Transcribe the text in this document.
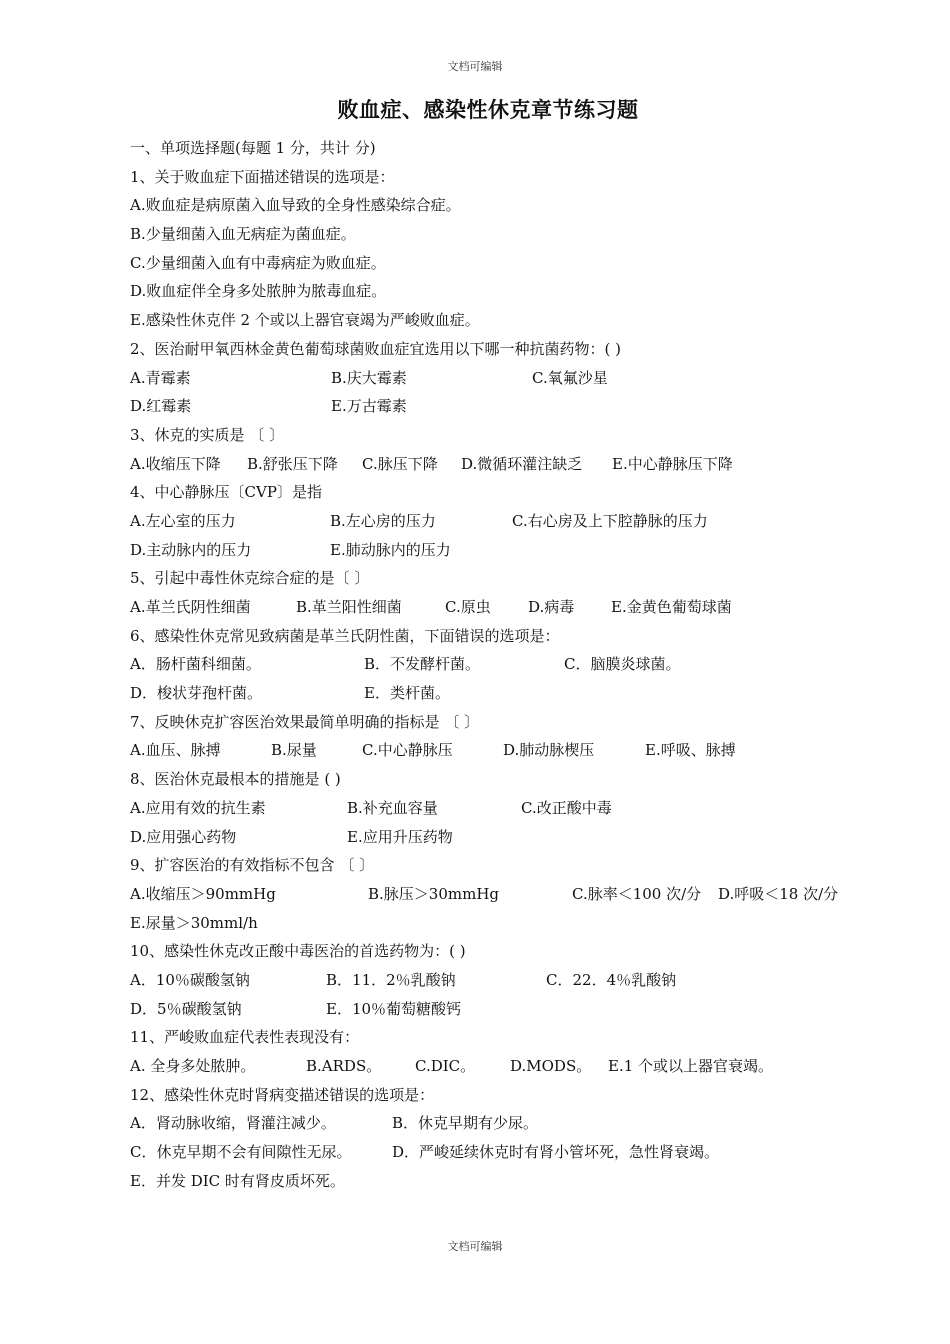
文档可编辑
败血症、感染性休克章节练习题
一、单项选择题(每题 1 分，共计 分)
1、关于败血症下面描述错误的选项是：
A.败血症是病原菌入血导致的全身性感染综合症。
B.少量细菌入血无病症为菌血症。
C.少量细菌入血有中毒病症为败血症。
D.败血症伴全身多处脓肿为脓毒血症。
E.感染性休克伴 2 个或以上器官衰竭为严峻败血症。
2、医治耐甲氧西林金黄色葡萄球菌败血症宜选用以下哪一种抗菌药物：( )
A.青霉素	B.庆大霉素	C.氧氟沙星
D.红霉素	E.万古霉素
3、休克的实质是 〔 〕
A.收缩压下降 B.舒张压下降 C.脉压下降 D.微循环灌注缺乏 E.中心静脉压下降
4、中心静脉压〔CVP〕是指
A.左心室的压力	B.左心房的压力	C.右心房及上下腔静脉的压力
D.主动脉内的压力	E.肺动脉内的压力
5、引起中毒性休克综合症的是〔 〕
A.革兰氏阴性细菌	B.革兰阳性细菌	C.原虫 D.病毒 E.金黄色葡萄球菌
6、感染性休克常见致病菌是革兰氏阴性菌，下面错误的选项是：
A．肠杆菌科细菌。	B．不发酵杆菌。	C．脑膜炎球菌。
D．梭状芽孢杆菌。	E．类杆菌。
7、反映休克扩容医治效果最简单明确的指标是 〔 〕
A.血压、脉搏	B.尿量	C.中心静脉压	D.肺动脉楔压	E.呼吸、脉搏
8、医治休克最根本的措施是 ( )
A.应用有效的抗生素	B.补充血容量	C.改正酸中毒
D.应用强心药物	E.应用升压药物
9、扩容医治的有效指标不包含 〔 〕
A.收缩压＞90mmHg	B.脉压＞30mmHg	C.脉率＜100 次/分 D.呼吸＜18 次/分
E.尿量＞30mml/h
10、感染性休克改正酸中毒医治的首选药物为：( )
A．10％碳酸氢钠	B．11．2％乳酸钠	C．22．4％乳酸钠
D．5％碳酸氢钠	E．10％葡萄糖酸钙
11、严峻败血症代表性表现没有：
A. 全身多处脓肿。	B.ARDS。 C.DIC。 D.MODS。 E.1 个或以上器官衰竭。
12、感染性休克时肾病变描述错误的选项是：
A．肾动脉收缩，肾灌注减少。	B．休克早期有少尿。
C．休克早期不会有间隙性无尿。	D．严峻延续休克时有肾小管坏死，急性肾衰竭。
E．并发 DIC 时有肾皮质坏死。
文档可编辑
